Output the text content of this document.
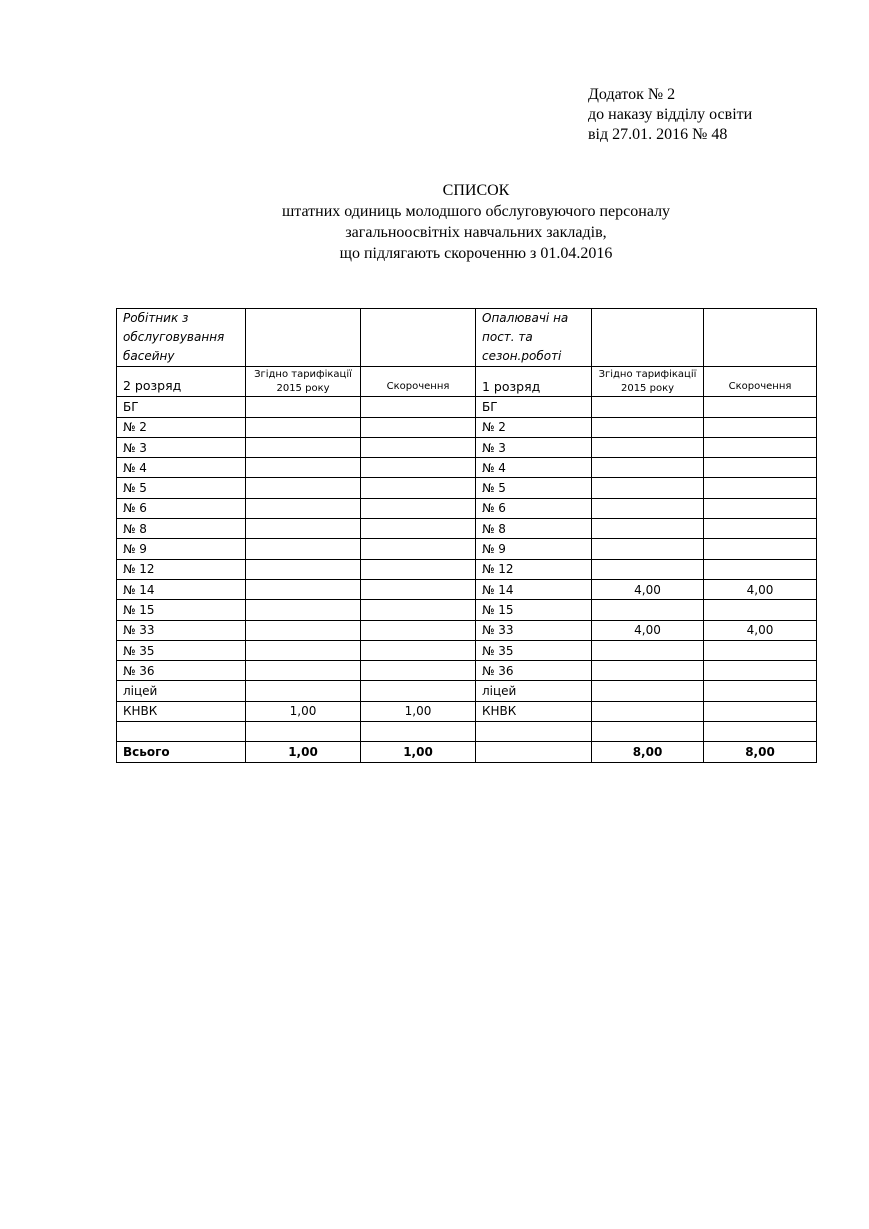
Додаток № 2
до наказу відділу освіти
від 27.01. 2016 № 48
СПИСОК
штатних одиниць молодшого обслуговуючого персоналу
загальноосвітніх навчальних закладів,
що підлягають скороченню з 01.04.2016
Робітник з обслуговування басейну			Опалювачі на пост. та сезон.роботі		
2 розряд	Згідно тарифікації 2015 року	Скорочення	1 розряд	Згідно тарифікації 2015 року	Скорочення
БГ			БГ		
№ 2			№ 2		
№ 3			№ 3		
№ 4			№ 4		
№ 5			№ 5		
№ 6			№ 6		
№ 8			№ 8		
№ 9			№ 9		
№ 12			№ 12		
№ 14			№ 14	4,00	4,00
№ 15			№ 15		
№ 33			№ 33	4,00	4,00
№ 35			№ 35		
№ 36			№ 36		
ліцей			ліцей		
КНВК	1,00	1,00	КНВК		

Всього	1,00	1,00		8,00	8,00
